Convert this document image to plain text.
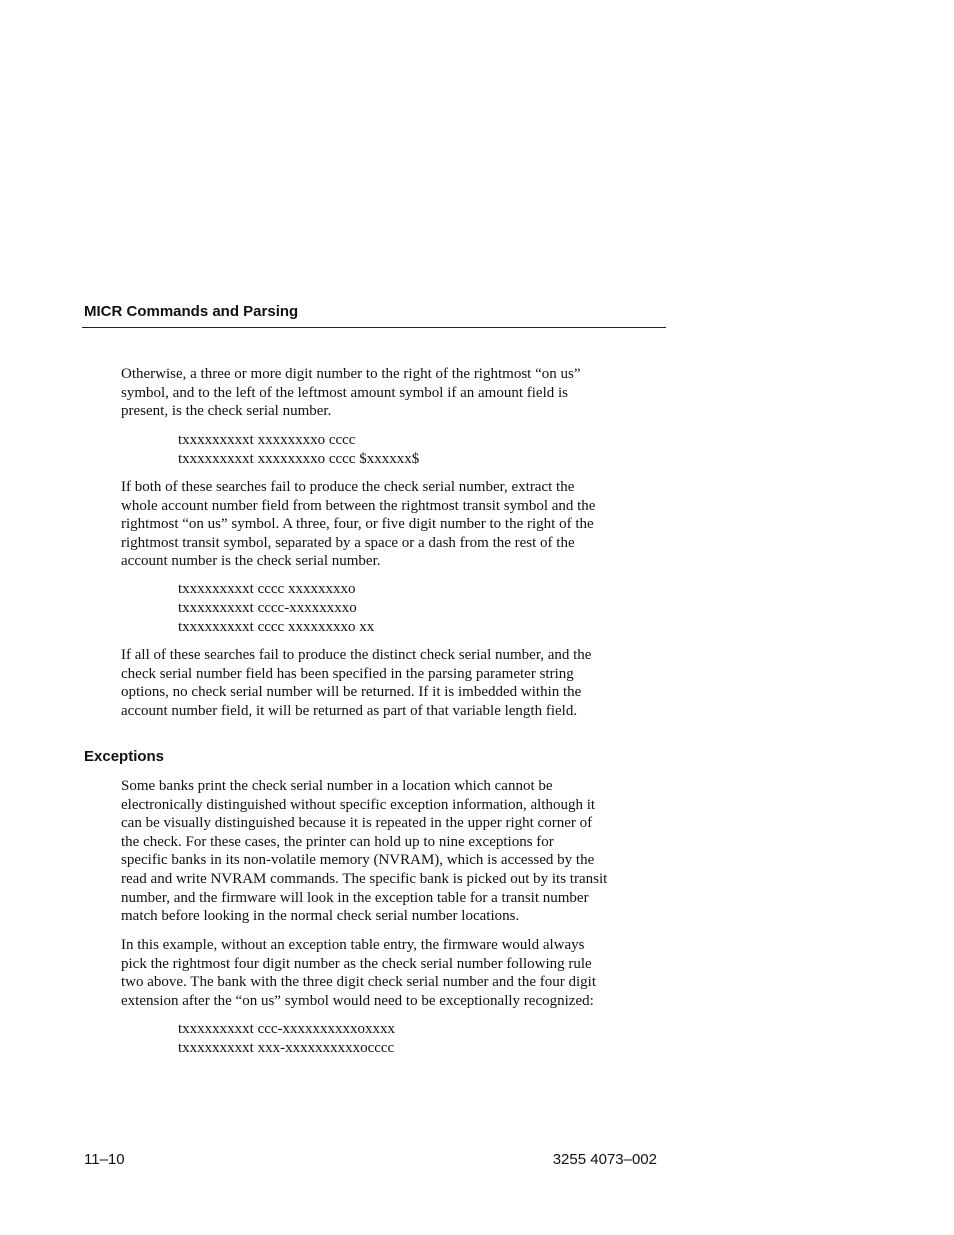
MICR Commands and Parsing

Otherwise, a three or more digit number to the right of the rightmost “on us”
symbol, and to the left of the leftmost amount symbol if an amount field is
present, is the check serial number.

txxxxxxxxxt xxxxxxxxo cccc
txxxxxxxxxt xxxxxxxxo cccc $xxxxxx$

If both of these searches fail to produce the check serial number, extract the
whole account number field from between the rightmost transit symbol and the
rightmost “on us” symbol. A three, four, or five digit number to the right of the
rightmost transit symbol, separated by a space or a dash from the rest of the
account number is the check serial number.

txxxxxxxxxt cccc xxxxxxxxo
txxxxxxxxxt cccc-xxxxxxxxo
txxxxxxxxxt cccc xxxxxxxxo xx

If all of these searches fail to produce the distinct check serial number, and the
check serial number field has been specified in the parsing parameter string
options, no check serial number will be returned. If it is imbedded within the
account number field, it will be returned as part of that variable length field.

Exceptions

Some banks print the check serial number in a location which cannot be
electronically distinguished without specific exception information, although it
can be visually distinguished because it is repeated in the upper right corner of
the check. For these cases, the printer can hold up to nine exceptions for
specific banks in its non-volatile memory (NVRAM), which is accessed by the
read and write NVRAM commands. The specific bank is picked out by its transit
number, and the firmware will look in the exception table for a transit number
match before looking in the normal check serial number locations.

In this example, without an exception table entry, the firmware would always
pick the rightmost four digit number as the check serial number following rule
two above. The bank with the three digit check serial number and the four digit
extension after the “on us” symbol would need to be exceptionally recognized:

txxxxxxxxxt ccc-xxxxxxxxxxoxxxx
txxxxxxxxxt xxx-xxxxxxxxxxocccc
11–10	3255 4073–002
